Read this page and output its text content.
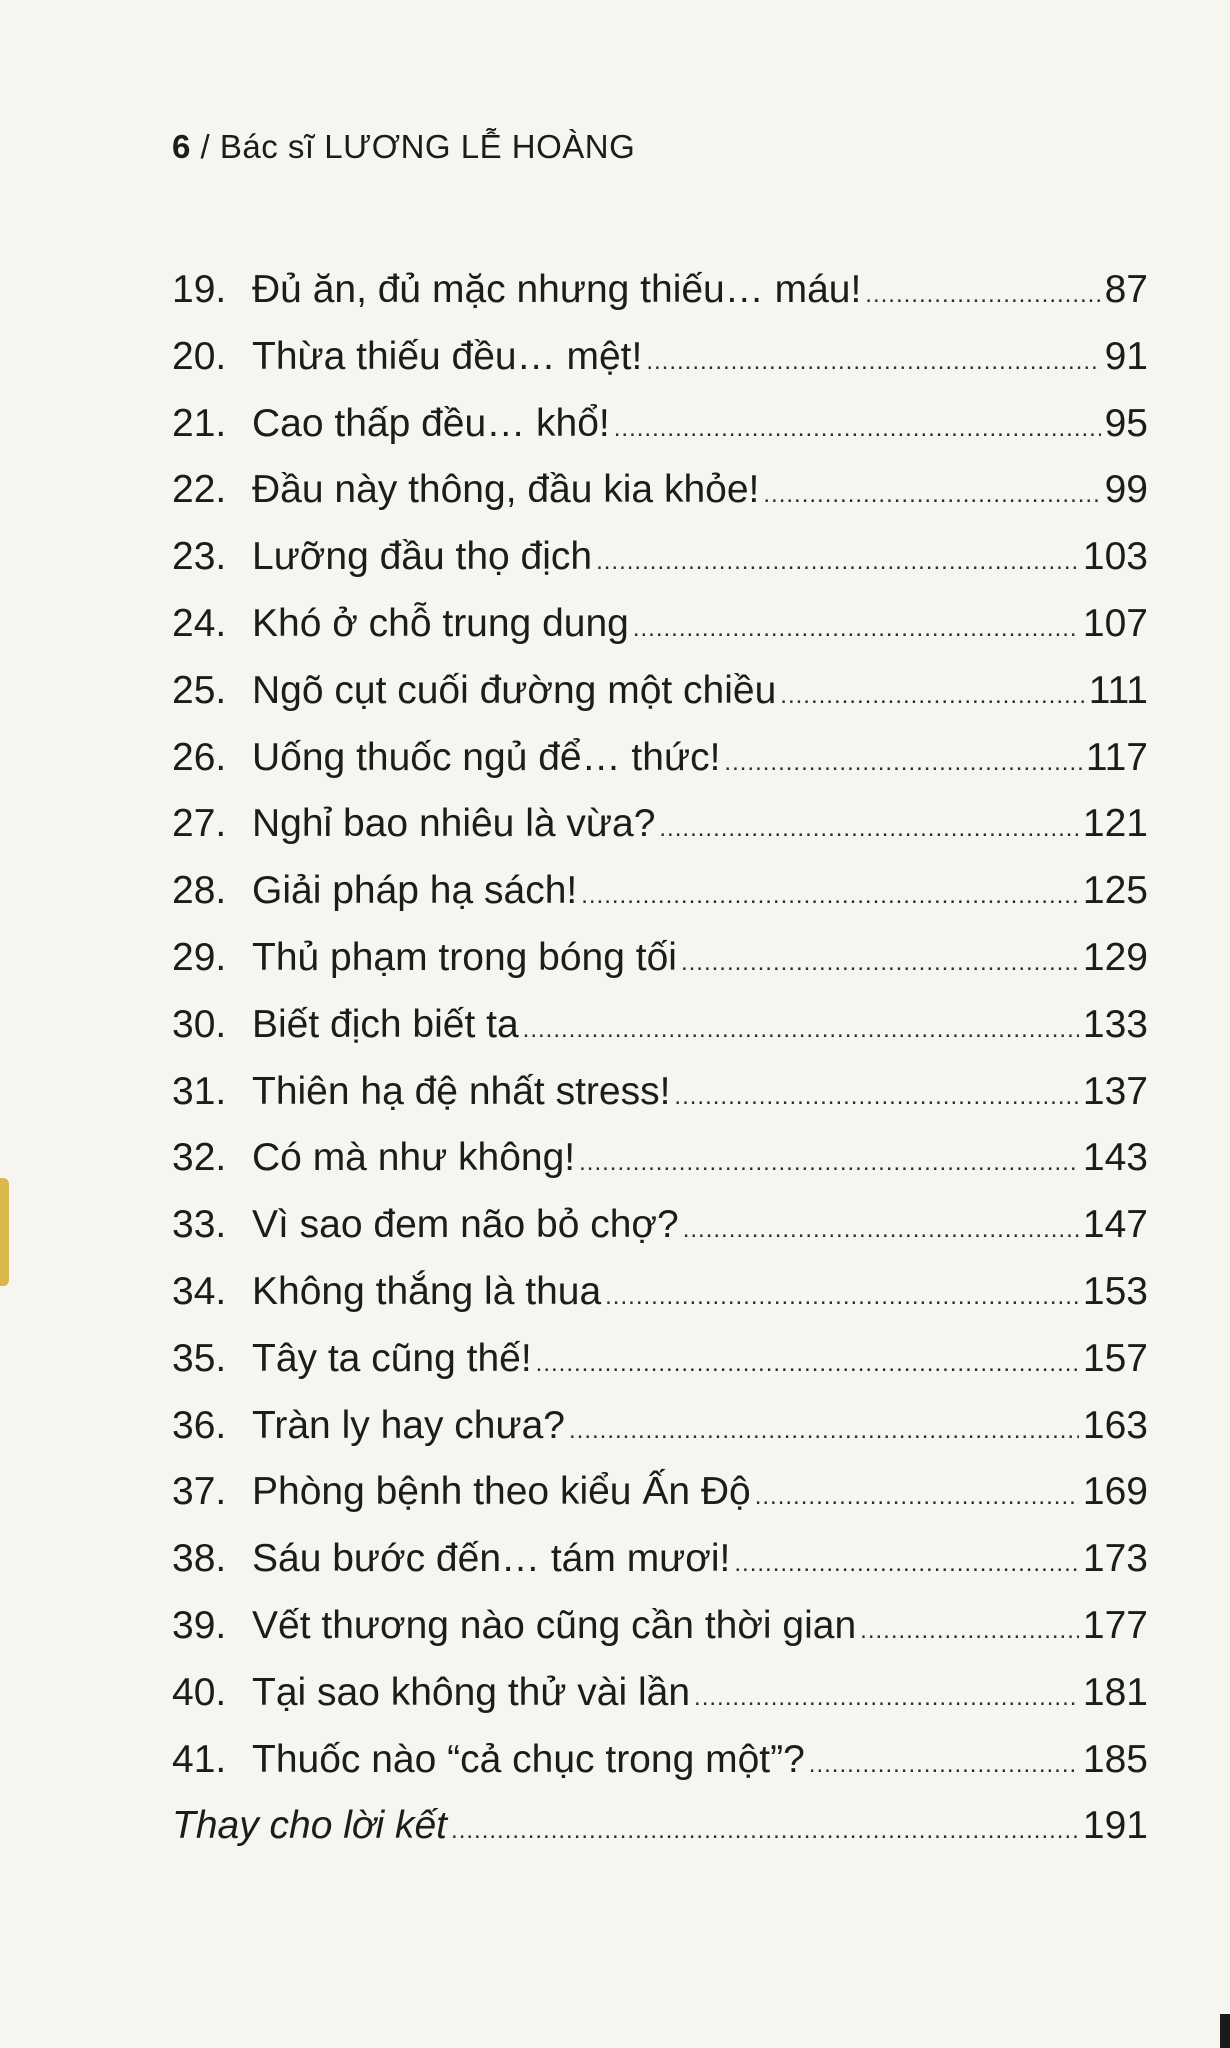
6 / Bác sĩ LƯƠNG LỄ HOÀNG
19. Đủ ăn, đủ mặc nhưng thiếu… máu! .....	87
20. Thừa thiếu đều… mệt! .....	91
21. Cao thấp đều… khổ! .....	95
22. Đầu này thông, đầu kia khỏe! .....	99
23. Lưỡng đầu thọ địch .....	103
24. Khó ở chỗ trung dung .....	107
25. Ngõ cụt cuối đường một chiều .....	111
26. Uống thuốc ngủ để… thức! .....	117
27. Nghỉ bao nhiêu là vừa? .....	121
28. Giải pháp hạ sách! .....	125
29. Thủ phạm trong bóng tối .....	129
30. Biết địch biết ta .....	133
31. Thiên hạ đệ nhất stress! .....	137
32. Có mà như không! .....	143
33. Vì sao đem não bỏ chợ? .....	147
34. Không thắng là thua .....	153
35. Tây ta cũng thế! .....	157
36. Tràn ly hay chưa? .....	163
37. Phòng bệnh theo kiểu Ấn Độ .....	169
38. Sáu bước đến… tám mươi! .....	173
39. Vết thương nào cũng cần thời gian .....	177
40. Tại sao không thử vài lần .....	181
41. Thuốc nào “cả chục trong một”? .....	185
Thay cho lời kết .....	191
